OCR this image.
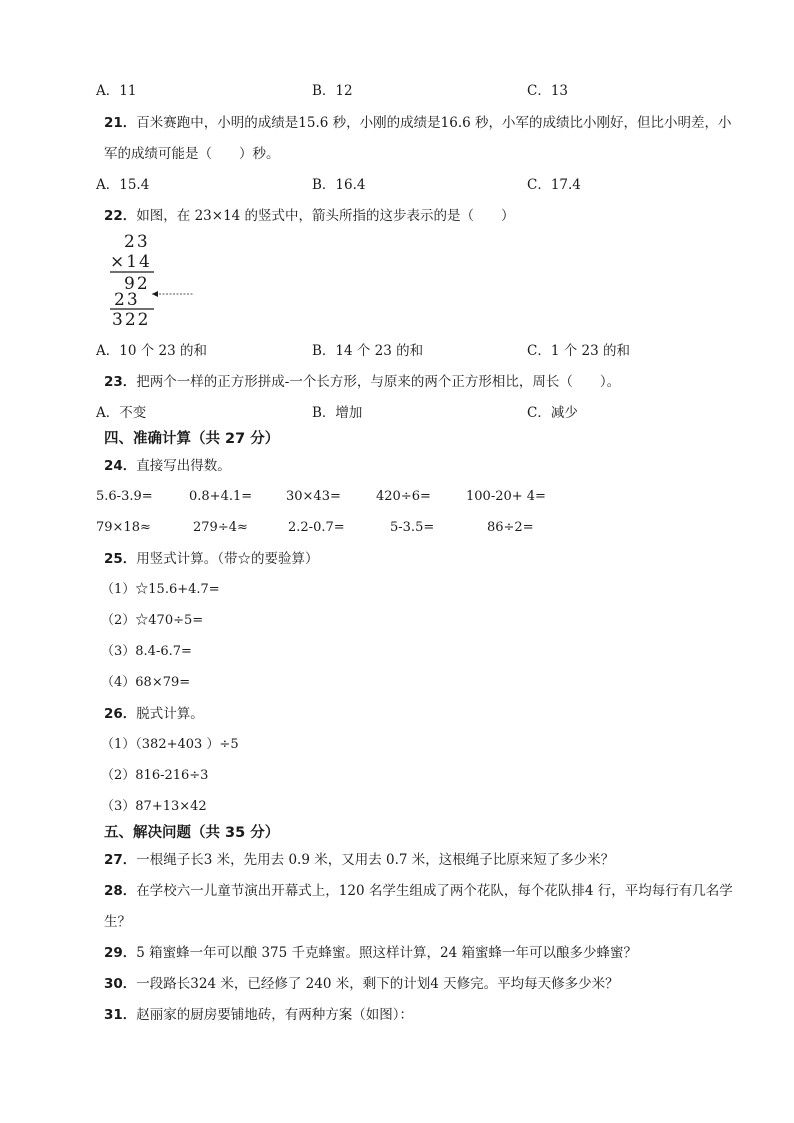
A．11	B．12	C．13
21．百米赛跑中，小明的成绩是15.6 秒，小刚的成绩是16.6 秒，小军的成绩比小刚好，但比小明差，小
军的成绩可能是（　　）秒。
A．15.4	B．16.4	C．17.4
22．如图，在 23×14 的竖式中，箭头所指的这步表示的是（　　）
23
×14
92
23
322
A．10 个 23 的和	B．14 个 23 的和	C．1 个 23 的和
23．把两个一样的正方形拼成-一个长方形，与原来的两个正方形相比，周长（　　）。
A．不变	B．增加	C．减少
四、准确计算（共 27 分）
24．直接写出得数。
5.6-3.9=	0.8+4.1=	30×43=	420÷6=	100-20+ 4=
79×18≈	279÷4≈	2.2-0.7=	5-3.5=	86÷2=
25．用竖式计算。（带☆的要验算）
（1）☆15.6+4.7=
（2）☆470÷5=
（3）8.4-6.7=
（4）68×79=
26．脱式计算。
（1）（382+403 ）÷5
（2）816-216÷3
（3）87+13×42
五、解决问题（共 35 分）
27．一根绳子长3 米，先用去 0.9 米，又用去 0.7 米，这根绳子比原来短了多少米？
28．在学校六一儿童节演出开幕式上，120 名学生组成了两个花队，每个花队排4 行，平均每行有几名学
生？
29．5 箱蜜蜂一年可以酿 375 千克蜂蜜。照这样计算，24 箱蜜蜂一年可以酿多少蜂蜜？
30．一段路长324 米，已经修了 240 米，剩下的计划4 天修完。平均每天修多少米？
31．赵丽家的厨房要铺地砖，有两种方案（如图）：
